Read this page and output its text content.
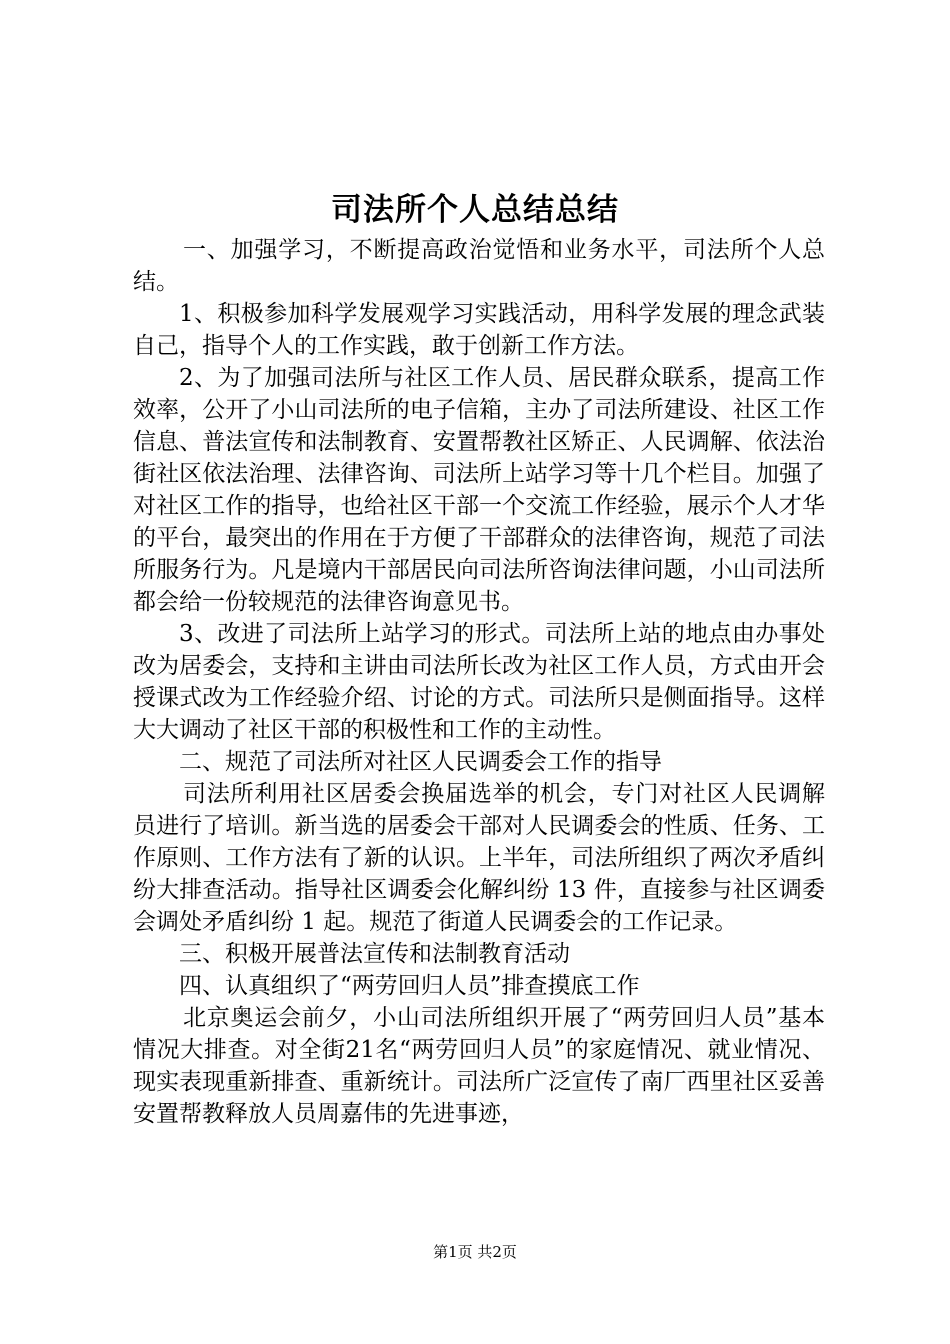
司法所个人总结总结

一、加强学习，不断提高政治觉悟和业务水平，司法所个人总结。

1、积极参加科学发展观学习实践活动，用科学发展的理念武装自己，指导个人的工作实践，敢于创新工作方法。

2、为了加强司法所与社区工作人员、居民群众联系，提高工作效率，公开了小山司法所的电子信箱，主办了司法所建设、社区工作信息、普法宣传和法制教育、安置帮教社区矫正、人民调解、依法治街社区依法治理、法律咨询、司法所上站学习等十几个栏目。加强了对社区工作的指导，也给社区干部一个交流工作经验，展示个人才华的平台，最突出的作用在于方便了干部群众的法律咨询，规范了司法所服务行为。凡是境内干部居民向司法所咨询法律问题，小山司法所都会给一份较规范的法律咨询意见书。

3、改进了司法所上站学习的形式。司法所上站的地点由办事处改为居委会，支持和主讲由司法所长改为社区工作人员，方式由开会授课式改为工作经验介绍、讨论的方式。司法所只是侧面指导。这样大大调动了社区干部的积极性和工作的主动性。

二、规范了司法所对社区人民调委会工作的指导

司法所利用社区居委会换届选举的机会，专门对社区人民调解员进行了培训。新当选的居委会干部对人民调委会的性质、任务、工作原则、工作方法有了新的认识。上半年，司法所组织了两次矛盾纠纷大排查活动。指导社区调委会化解纠纷 13 件，直接参与社区调委会调处矛盾纠纷 1 起。规范了街道人民调委会的工作记录。

三、积极开展普法宣传和法制教育活动

四、认真组织了“两劳回归人员”排查摸底工作

北京奥运会前夕，小山司法所组织开展了“两劳回归人员”基本情况大排查。对全街21名“两劳回归人员”的家庭情况、就业情况、现实表现重新排查、重新统计。司法所广泛宣传了南厂西里社区妥善安置帮教释放人员周嘉伟的先进事迹，

第1页 共2页
